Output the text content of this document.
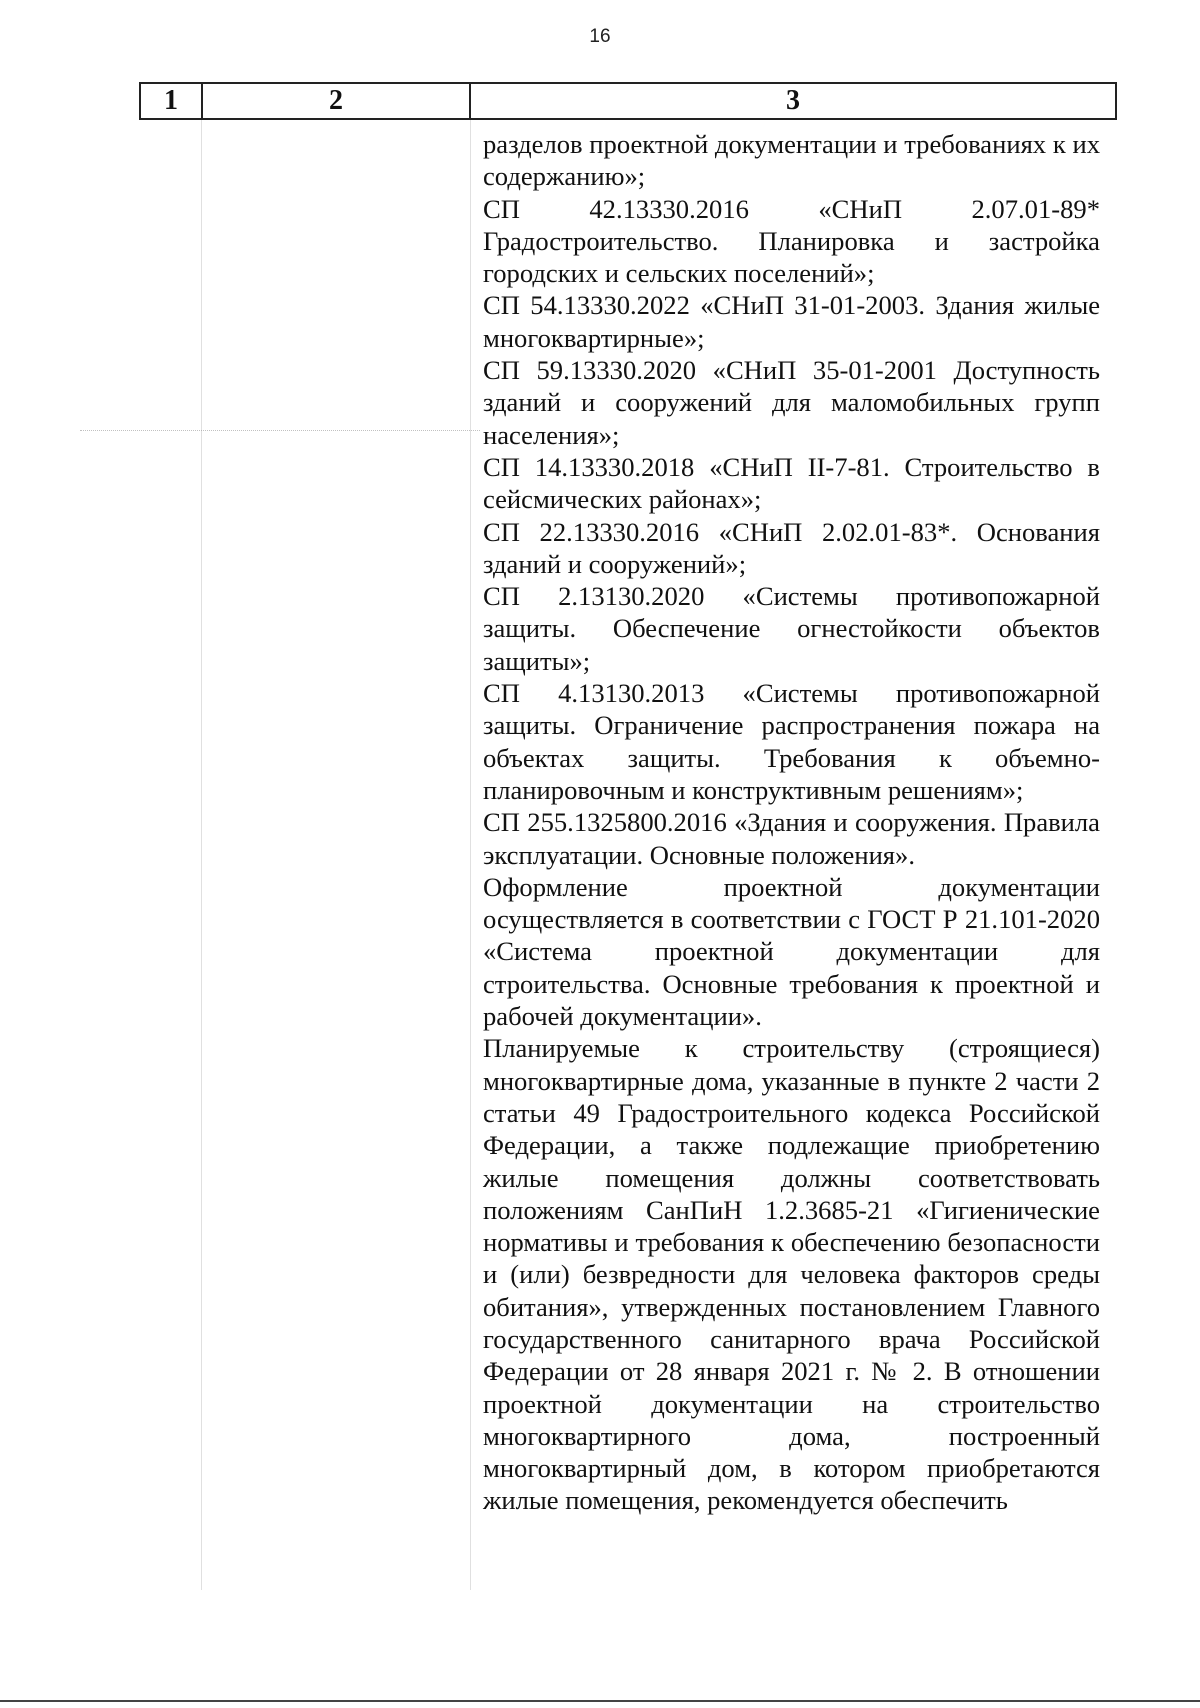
16
1	2	3

разделов проектной документации и требованиях к их содержанию»;

СП 42.13330.2016 «СНиП 2.07.01-89* Градостроительство. Планировка и застройка городских и сельских поселений»;

СП 54.13330.2022 «СНиП 31-01-2003. Здания жилые многоквартирные»;

СП 59.13330.2020 «СНиП 35-01-2001 Доступность зданий и сооружений для маломобильных групп населения»;

СП 14.13330.2018 «СНиП II-7-81. Строительство в сейсмических районах»;

СП 22.13330.2016 «СНиП 2.02.01-83*. Основания зданий и сооружений»;

СП 2.13130.2020 «Системы противопожарной защиты. Обеспечение огнестойкости объектов защиты»;

СП 4.13130.2013 «Системы противопожарной защиты. Ограничение распространения пожара на объектах защиты. Требования к объемно-планировочным и конструктивным решениям»;

СП 255.1325800.2016 «Здания и сооружения. Правила эксплуатации. Основные положения».

Оформление проектной документации осуществляется в соответствии с ГОСТ Р 21.101-2020 «Система проектной документации для строительства. Основные требования к проектной и рабочей документации».

Планируемые к строительству (строящиеся) многоквартирные дома, указанные в пункте 2 части 2 статьи 49 Градостроительного кодекса Российской Федерации, а также подлежащие приобретению жилые помещения должны соответствовать положениям СанПиН 1.2.3685-21 «Гигиенические нормативы и требования к обеспечению безопасности и (или) безвредности для человека факторов среды обитания», утвержденных постановлением Главного государственного санитарного врача Российской Федерации от 28 января 2021 г. № 2. В отношении проектной документации на строительство многоквартирного дома, построенный многоквартирный дом, в котором приобретаются жилые помещения, рекомендуется обеспечить
